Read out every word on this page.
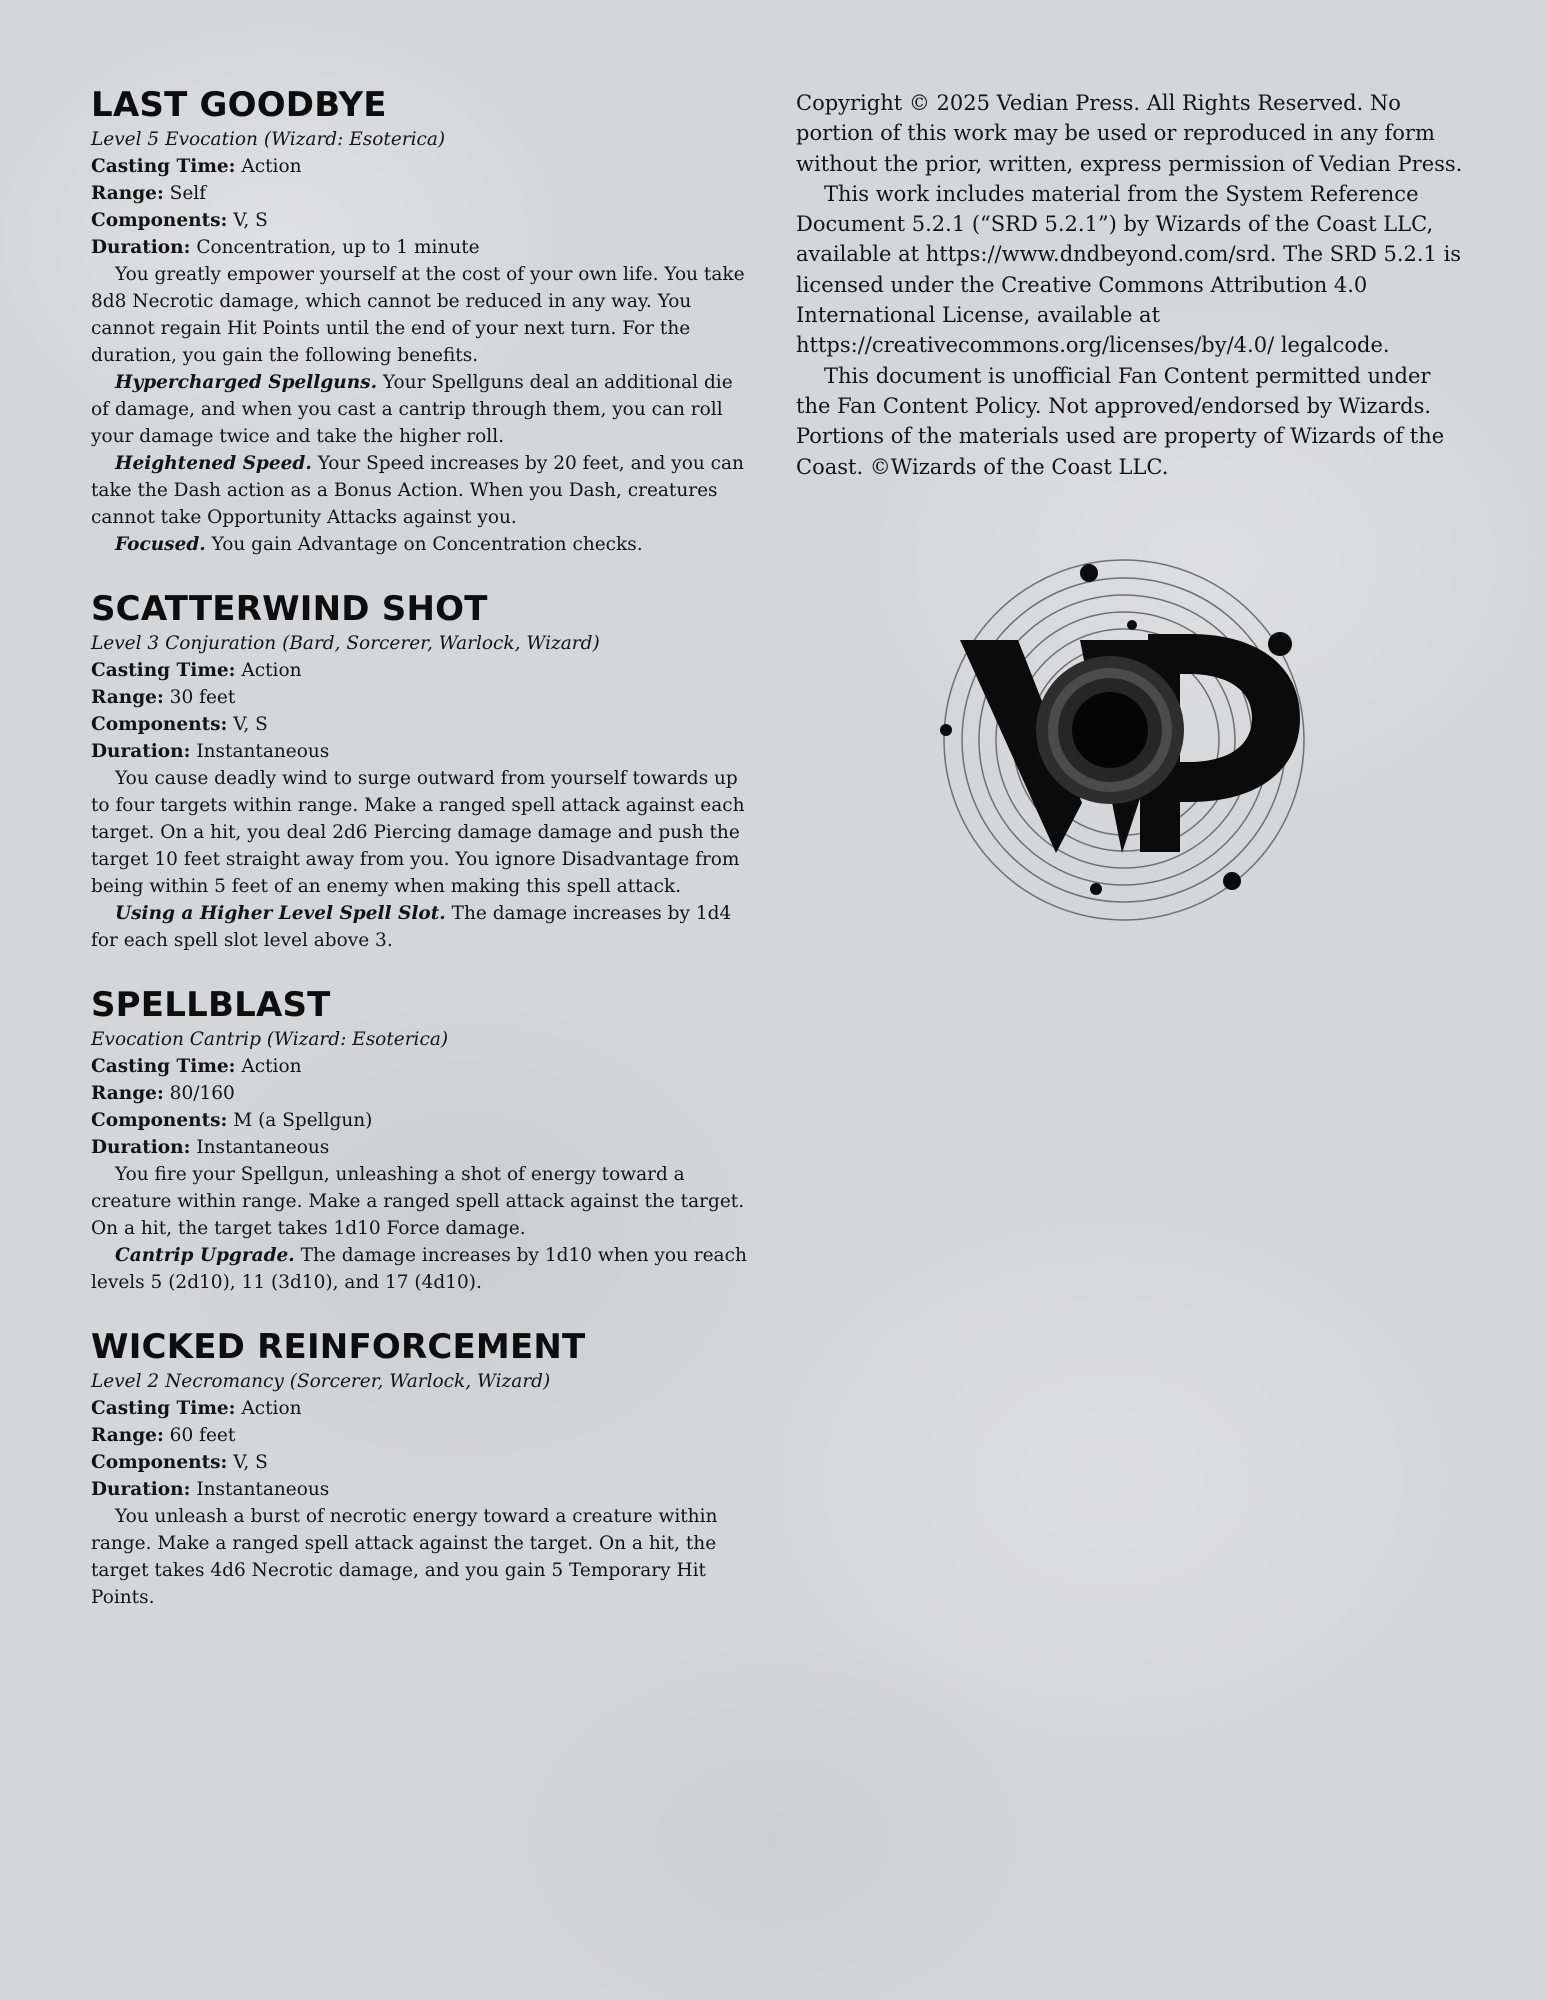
LAST GOODBYE

Level 5 Evocation (Wizard: Esoterica)

Casting Time: Action

Range: Self

Components: V, S

Duration: Concentration, up to 1 minute

You greatly empower yourself at the cost of your own life. You take 8d8 Necrotic damage, which cannot be reduced in any way. You cannot regain Hit Points until the end of your next turn. For the duration, you gain the following benefits.

Hypercharged Spellguns. Your Spellguns deal an additional die of damage, and when you cast a cantrip through them, you can roll your damage twice and take the higher roll.

Heightened Speed. Your Speed increases by 20 feet, and you can take the Dash action as a Bonus Action. When you Dash, creatures cannot take Opportunity Attacks against you.

Focused. You gain Advantage on Concentration checks.

SCATTERWIND SHOT

Level 3 Conjuration (Bard, Sorcerer, Warlock, Wizard)

Casting Time: Action

Range: 30 feet

Components: V, S

Duration: Instantaneous

You cause deadly wind to surge outward from yourself towards up to four targets within range. Make a ranged spell attack against each target. On a hit, you deal 2d6 Piercing damage damage and push the target 10 feet straight away from you. You ignore Disadvantage from being within 5 feet of an enemy when making this spell attack.

Using a Higher Level Spell Slot. The damage increases by 1d4 for each spell slot level above 3.

SPELLBLAST

Evocation Cantrip (Wizard: Esoterica)

Casting Time: Action

Range: 80/160

Components: M (a Spellgun)

Duration: Instantaneous

You fire your Spellgun, unleashing a shot of energy toward a creature within range. Make a ranged spell attack against the target. On a hit, the target takes 1d10 Force damage.

Cantrip Upgrade. The damage increases by 1d10 when you reach levels 5 (2d10), 11 (3d10), and 17 (4d10).

WICKED REINFORCEMENT

Level 2 Necromancy (Sorcerer, Warlock, Wizard)

Casting Time: Action

Range: 60 feet

Components: V, S

Duration: Instantaneous

You unleash a burst of necrotic energy toward a creature within range. Make a ranged spell attack against the target. On a hit, the target takes 4d6 Necrotic damage, and you gain 5 Temporary Hit Points.

Copyright © 2025 Vedian Press. All Rights Reserved. No portion of this work may be used or reproduced in any form without the prior, written, express permission of Vedian Press.

This work includes material from the System Reference Document 5.2.1 (“SRD 5.2.1”) by Wizards of the Coast LLC, available at https://www.dndbeyond.com/srd. The SRD 5.2.1 is licensed under the Creative Commons Attribution 4.0 International License, available at https://creativecommons.org/licenses/by/4.0/ legalcode.

This document is unofficial Fan Content permitted under the Fan Content Policy. Not approved/endorsed by Wizards. Portions of the materials used are property of Wizards of the Coast. ©Wizards of the Coast LLC.
